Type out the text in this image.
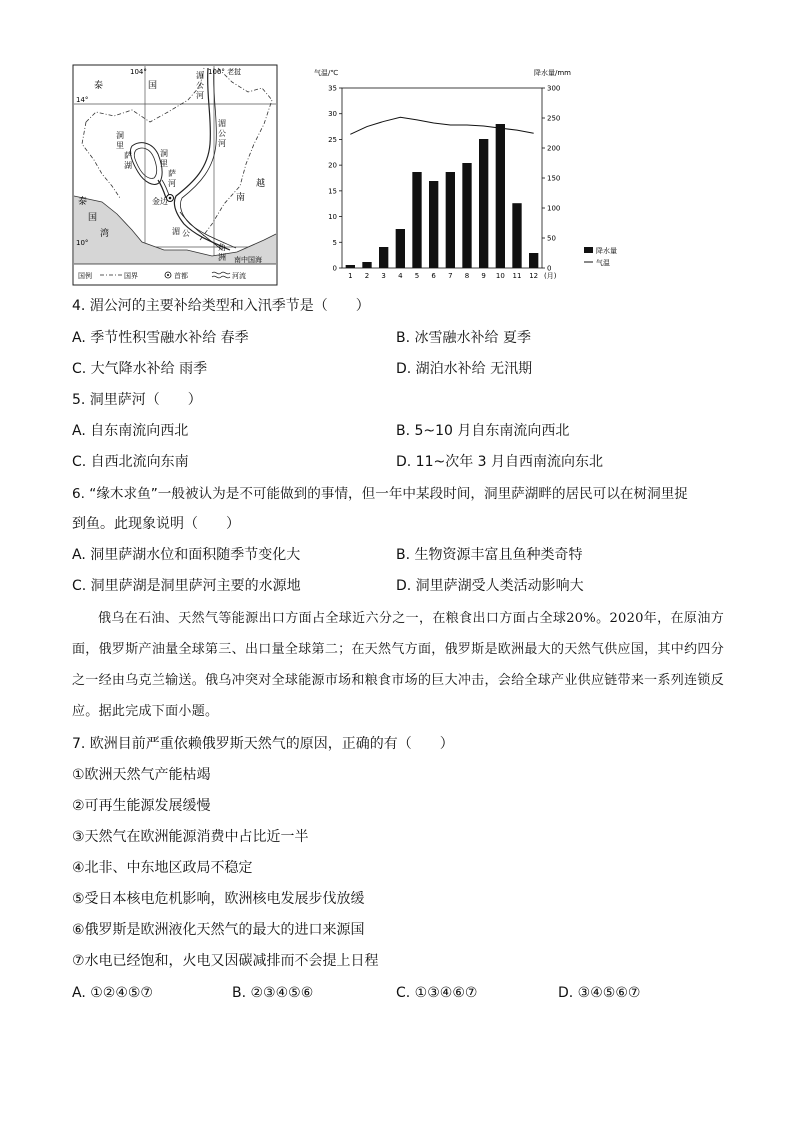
104°	106° 老挝
14°
10°
泰	国
越
南
泰
国
湾
洞
里
萨
湖
洞
里
萨
河
湄
公
河
湄
公
河
湄 公
角
洲
金边
南中国海
国例	国界	首都	河流
气温/℃	降水量/mm
35
30
25
20
15
10
5
0
300
250
200
150
100
50
0
1 2 3 4 5 6 7 8 9 10 11 12 (月)
降水量
气温
4. 湄公河的主要补给类型和入汛季节是（　　）
A. 季节性积雪融水补给 春季	B. 冰雪融水补给 夏季
C. 大气降水补给 雨季	D. 湖泊水补给 无汛期
5. 洞里萨河（　　）
A. 自东南流向西北	B. 5~10 月自东南流向西北
C. 自西北流向东南	D. 11~次年 3 月自西南流向东北
6. “缘木求鱼”一般被认为是不可能做到的事情，但一年中某段时间，洞里萨湖畔的居民可以在树洞里捉
到鱼。此现象说明（　　）
A. 洞里萨湖水位和面积随季节变化大	B. 生物资源丰富且鱼种类奇特
C. 洞里萨湖是洞里萨河主要的水源地	D. 洞里萨湖受人类活动影响大

俄乌在石油、天然气等能源出口方面占全球近六分之一，在粮食出口方面占全球20%。2020年，在原油方面，俄罗斯产油量全球第三、出口量全球第二；在天然气方面，俄罗斯是欧洲最大的天然气供应国，其中约四分之一经由乌克兰输送。俄乌冲突对全球能源市场和粮食市场的巨大冲击，会给全球产业供应链带来一系列连锁反应。据此完成下面小题。

7. 欧洲目前严重依赖俄罗斯天然气的原因，正确的有（　　）
①欧洲天然气产能枯竭
②可再生能源发展缓慢
③天然气在欧洲能源消费中占比近一半
④北非、中东地区政局不稳定
⑤受日本核电危机影响，欧洲核电发展步伐放缓
⑥俄罗斯是欧洲液化天然气的最大的进口来源国
⑦水电已经饱和，火电又因碳减排而不会提上日程
A. ①②④⑤⑦	B. ②③④⑤⑥	C. ①③④⑥⑦	D. ③④⑤⑥⑦
